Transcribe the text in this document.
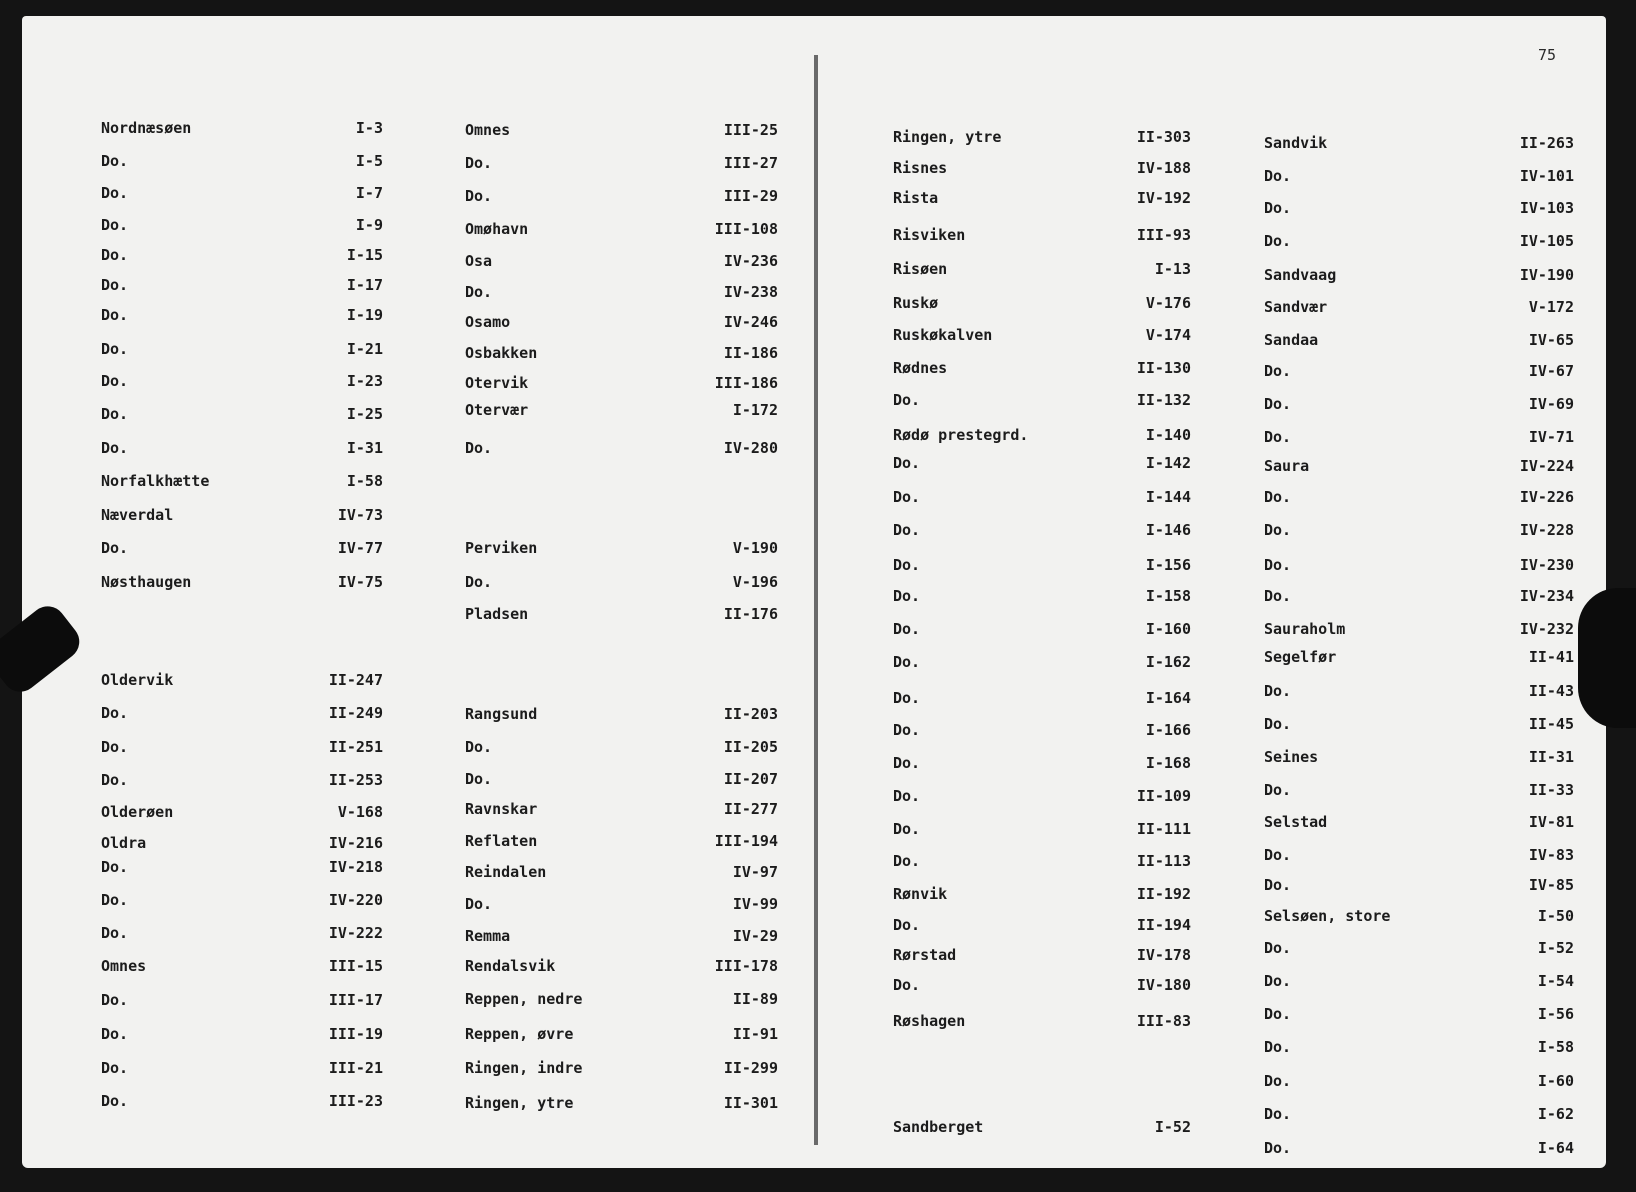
75
Nordnæsøen	I-3
Do.	I-5
Do.	I-7
Do.	I-9
Do.	I-15
Do.	I-17
Do.	I-19
Do.	I-21
Do.	I-23
Do.	I-25
Do.	I-31
Norfalkhætte	I-58
Næverdal	IV-73
Do.	IV-77
Nøsthaugen	IV-75
Oldervik	II-247
Do.	II-249
Do.	II-251
Do.	II-253
Olderøen	V-168
Oldra	IV-216
Do.	IV-218
Do.	IV-220
Do.	IV-222
Omnes	III-15
Do.	III-17
Do.	III-19
Do.	III-21
Do.	III-23
Omnes	III-25
Do.	III-27
Do.	III-29
Omøhavn	III-108
Osa	IV-236
Do.	IV-238
Osamo	IV-246
Osbakken	II-186
Otervik	III-186
Otervær	I-172
Do.	IV-280
Perviken	V-190
Do.	V-196
Pladsen	II-176
Rangsund	II-203
Do.	II-205
Do.	II-207
Ravnskar	II-277
Reflaten	III-194
Reindalen	IV-97
Do.	IV-99
Remma	IV-29
Rendalsvik	III-178
Reppen, nedre	II-89
Reppen, øvre	II-91
Ringen, indre	II-299
Ringen, ytre	II-301
Ringen, ytre	II-303
Risnes	IV-188
Rista	IV-192
Risviken	III-93
Risøen	I-13
Ruskø	V-176
Ruskøkalven	V-174
Rødnes	II-130
Do.	II-132
Rødø prestegrd.	I-140
Do.	I-142
Do.	I-144
Do.	I-146
Do.	I-156
Do.	I-158
Do.	I-160
Do.	I-162
Do.	I-164
Do.	I-166
Do.	I-168
Do.	II-109
Do.	II-111
Do.	II-113
Rønvik	II-192
Do.	II-194
Rørstad	IV-178
Do.	IV-180
Røshagen	III-83
Sandberget	I-52
Sandvik	II-263
Do.	IV-101
Do.	IV-103
Do.	IV-105
Sandvaag	IV-190
Sandvær	V-172
Sandaa	IV-65
Do.	IV-67
Do.	IV-69
Do.	IV-71
Saura	IV-224
Do.	IV-226
Do.	IV-228
Do.	IV-230
Do.	IV-234
Sauraholm	IV-232
Segelfør	II-41
Do.	II-43
Do.	II-45
Seines	II-31
Do.	II-33
Selstad	IV-81
Do.	IV-83
Do.	IV-85
Selsøen, store	I-50
Do.	I-52
Do.	I-54
Do.	I-56
Do.	I-58
Do.	I-60
Do.	I-62
Do.	I-64
